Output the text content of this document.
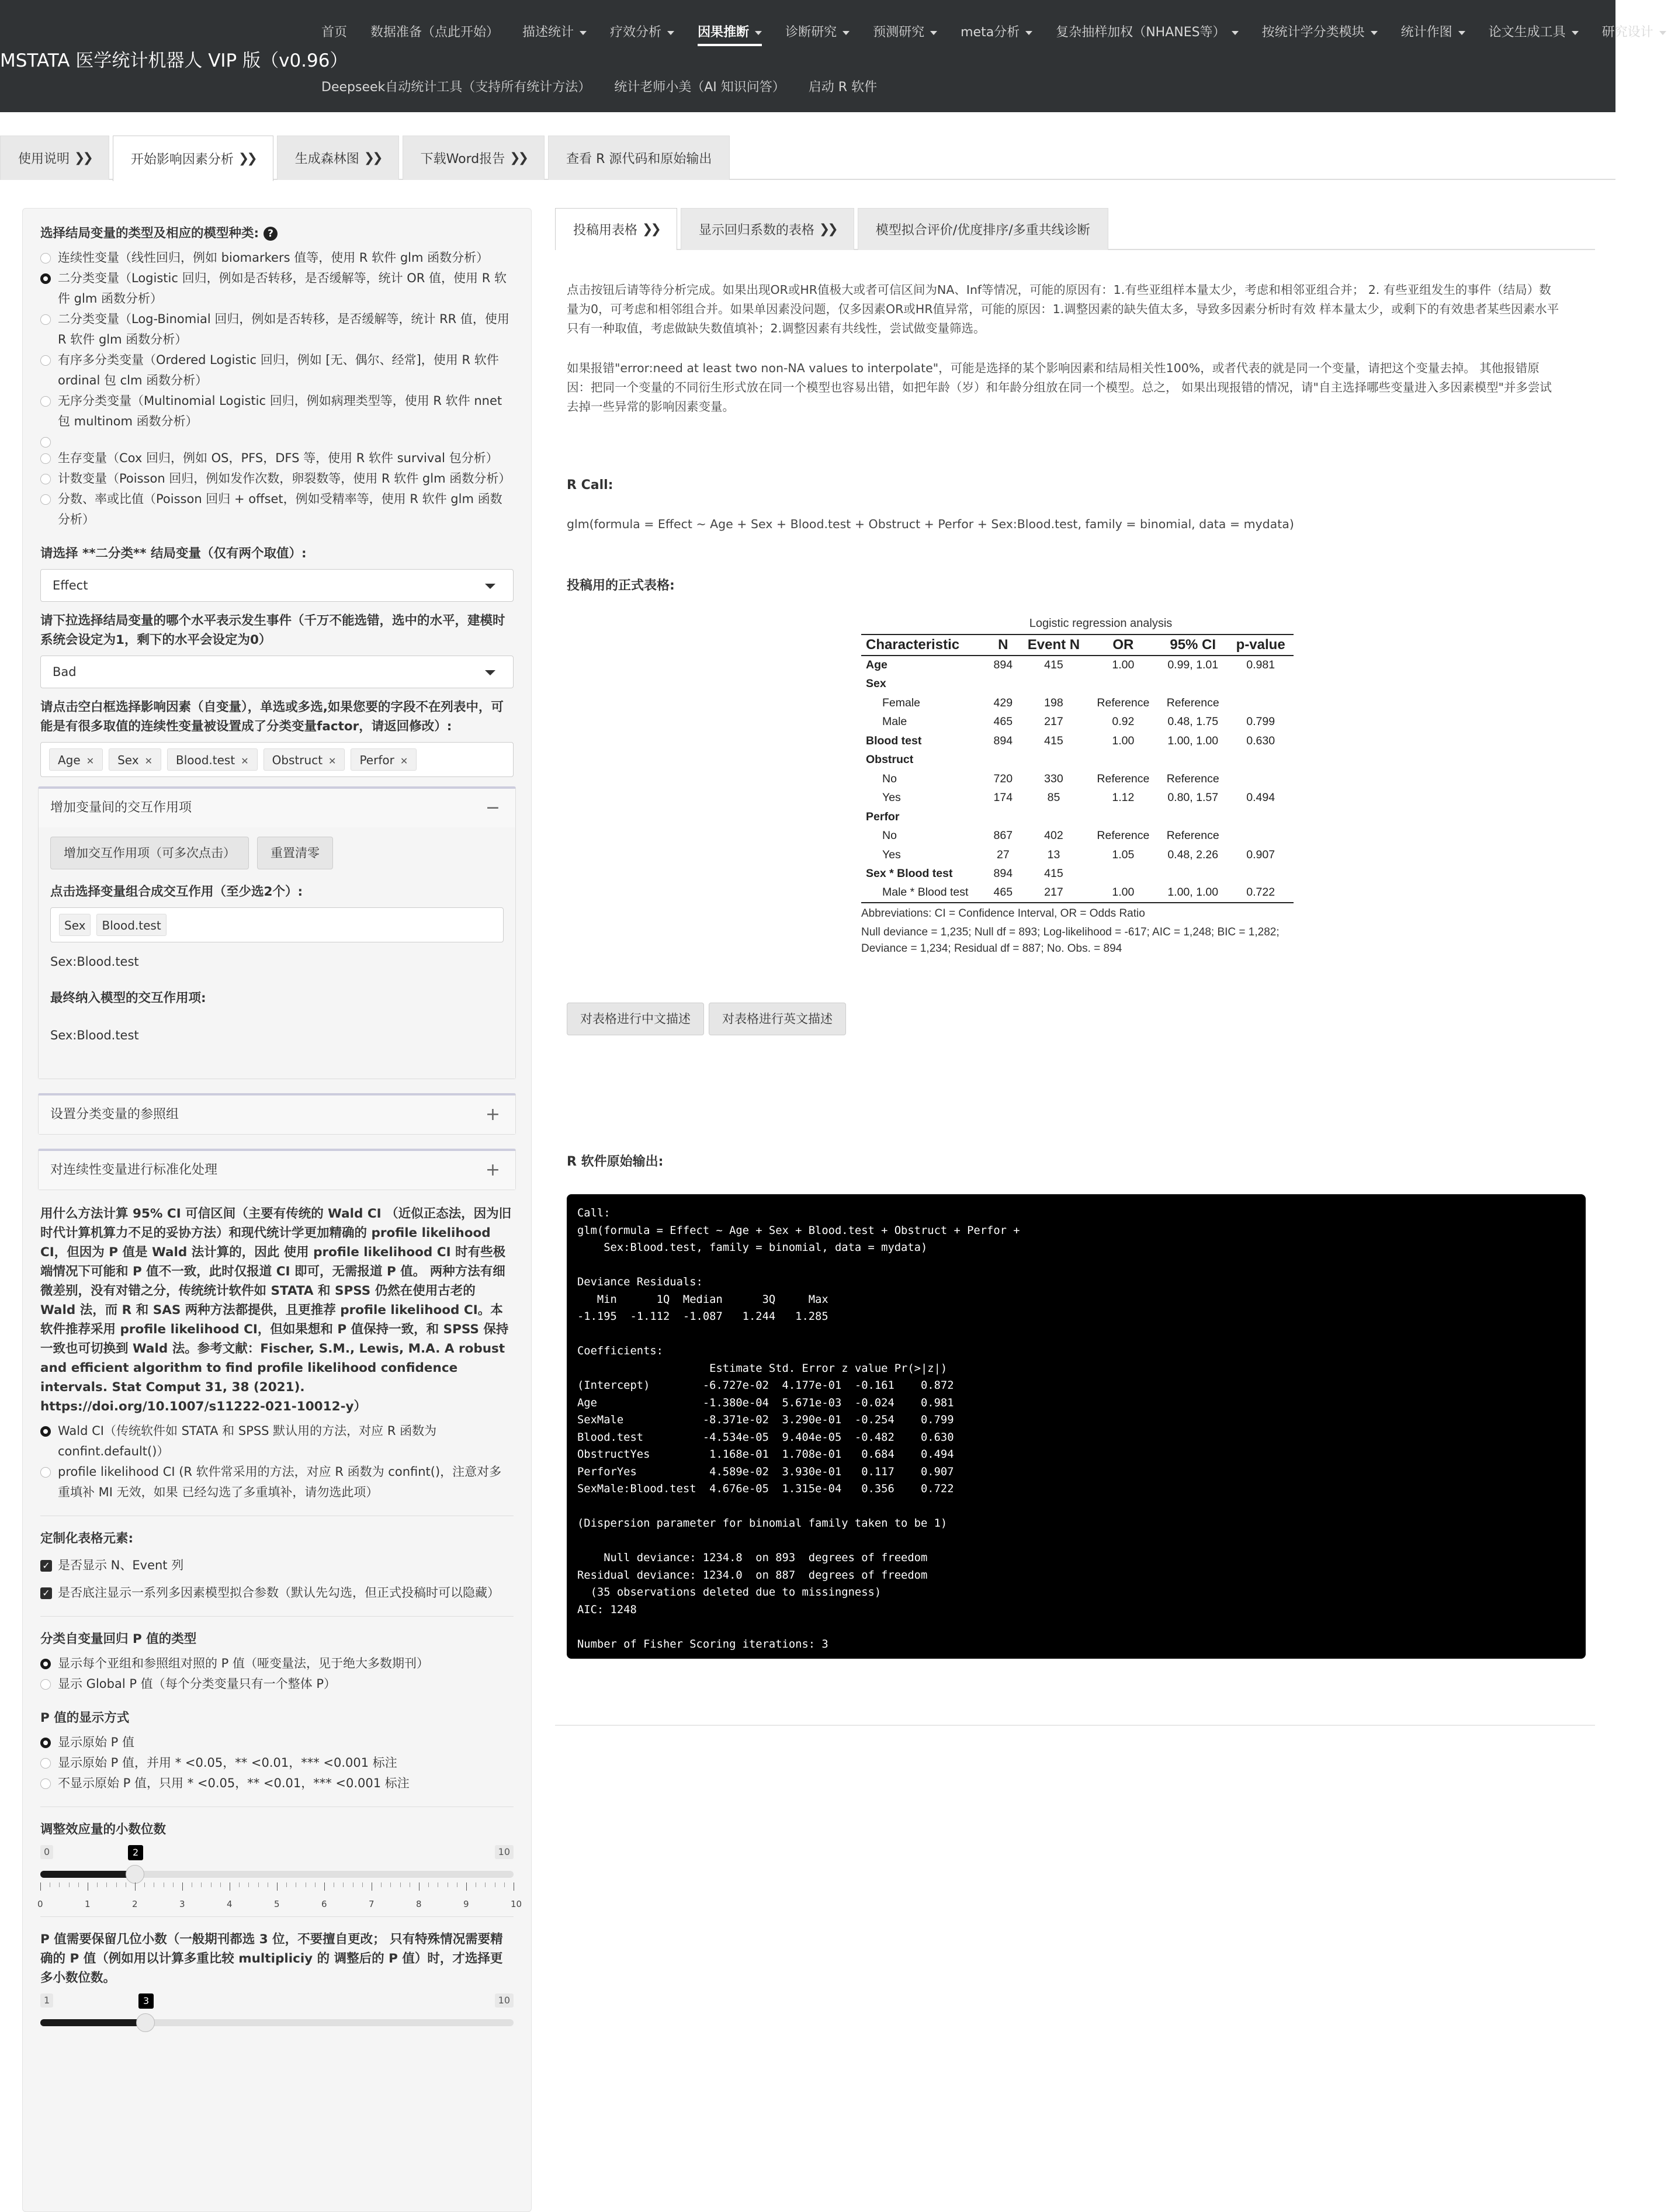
MSTATA 医学统计机器人 VIP 版（v0.96）
首页	数据准备（点此开始）	描述统计	疗效分析	因果推断	诊断研究	预测研究	meta分析	复杂抽样加权（NHANES等）	按统计学分类模块	统计作图	论文生成工具	研究设计
Deepseek自动统计工具（支持所有统计方法）	统计老师小美（AI 知识问答）	启动 R 软件
使用说明 ❯❯	开始影响因素分析 ❯❯	生成森林图 ❯❯	下载Word报告 ❯❯	查看 R 源代码和原始输出
选择结局变量的类型及相应的模型种类: ?
连续性变量（线性回归，例如 biomarkers 值等，使用 R 软件 glm 函数分析）
二分类变量（Logistic 回归，例如是否转移，是否缓解等，统计 OR 值，使用 R 软件 glm 函数分析）
二分类变量（Log-Binomial 回归，例如是否转移，是否缓解等，统计 RR 值，使用 R 软件 glm 函数分析）
有序多分类变量（Ordered Logistic 回归，例如 [无、偶尔、经常]，使用 R 软件 ordinal 包 clm 函数分析）
无序分类变量（Multinomial Logistic 回归，例如病理类型等，使用 R 软件 nnet 包 multinom 函数分析）
生存变量（Cox 回归，例如 OS，PFS，DFS 等，使用 R 软件 survival 包分析）
计数变量（Poisson 回归，例如发作次数，卵裂数等，使用 R 软件 glm 函数分析）
分数、率或比值（Poisson 回归 + offset，例如受精率等，使用 R 软件 glm 函数分析）
请选择 **二分类** 结局变量（仅有两个取值）:
Effect
请下拉选择结局变量的哪个水平表示发生事件（千万不能选错，选中的水平，建模时系统会设定为1，剩下的水平会设定为0）
Bad
请点击空白框选择影响因素（自变量），单选或多选,如果您要的字段不在列表中，可能是有很多取值的连续性变量被设置成了分类变量factor，请返回修改）:
Age ✕	Sex ✕	Blood.test ✕	Obstruct ✕	Perfor ✕
增加变量间的交互作用项	−
增加交互作用项（可多次点击）	重置清零
点击选择变量组合成交互作用（至少选2个）:
Sex	Blood.test
Sex:Blood.test
最终纳入模型的交互作用项:
Sex:Blood.test
设置分类变量的参照组	+
对连续性变量进行标准化处理	+
用什么方法计算 95% CI 可信区间（主要有传统的 Wald CI （近似正态法，因为旧时代计算机算力不足的妥协方法）和现代统计学更加精确的 profile likelihood CI，但因为 P 值是 Wald 法计算的，因此 使用 profile likelihood CI 时有些极端情况下可能和 P 值不一致，此时仅报道 CI 即可，无需报道 P 值。 两种方法有细微差别，没有对错之分，传统统计软件如 STATA 和 SPSS 仍然在使用古老的 Wald 法，而 R 和 SAS 两种方法都提供，且更推荐 profile likelihood CI。本软件推荐采用 profile likelihood CI，但如果想和 P 值保持一致，和 SPSS 保持一致也可切换到 Wald 法。参考文献：Fischer, S.M., Lewis, M.A. A robust and efficient algorithm to find profile likelihood confidence intervals. Stat Comput 31, 38 (2021). https://doi.org/10.1007/s11222-021-10012-y）
Wald CI（传统软件如 STATA 和 SPSS 默认用的方法，对应 R 函数为 confint.default()）
profile likelihood CI (R 软件常采用的方法，对应 R 函数为 confint()，注意对多重填补 MI 无效，如果 已经勾选了多重填补，请勿选此项）
定制化表格元素:
✓ 是否显示 N、Event 列
✓ 是否底注显示一系列多因素模型拟合参数（默认先勾选，但正式投稿时可以隐藏）
分类自变量回归 P 值的类型
显示每个亚组和参照组对照的 P 值（哑变量法，见于绝大多数期刊）
显示 Global P 值（每个分类变量只有一个整体 P）
P 值的显示方式
显示原始 P 值
显示原始 P 值，并用 * <0.05，** <0.01，*** <0.001 标注
不显示原始 P 值，只用 * <0.05，** <0.01，*** <0.001 标注
调整效应量的小数位数
0	10
2
0	1	2	3	4	5	6	7	8	9	10
P 值需要保留几位小数（一般期刊都选 3 位，不要擅自更改； 只有特殊情况需要精确的 P 值（例如用以计算多重比较 multipliciy 的 调整后的 P 值）时，才选择更多小数位数。
1	10
3
投稿用表格 ❯❯	显示回归系数的表格 ❯❯	模型拟合评价/优度排序/多重共线诊断
点击按钮后请等待分析完成。如果出现OR或HR值极大或者可信区间为NA、Inf等情况，可能的原因有：1.有些亚组样本量太少，考虑和相邻亚组合并； 2. 有些亚组发生的事件（结局）数量为0，可考虑和相邻组合并。如果单因素没问题，仅多因素OR或HR值异常，可能的原因：1.调整因素的缺失值太多，导致多因素分析时有效 样本量太少，或剩下的有效患者某些因素水平只有一种取值，考虑做缺失数值填补；2.调整因素有共线性，尝试做变量筛选。
如果报错"error:need at least two non-NA values to interpolate"，可能是选择的某个影响因素和结局相关性100%，或者代表的就是同一个变量，请把这个变量去掉。 其他报错原因：把同一个变量的不同衍生形式放在同一个模型也容易出错，如把年龄（岁）和年龄分组放在同一个模型。总之， 如果出现报错的情况，请"自主选择哪些变量进入多因素模型"并多尝试去掉一些异常的影响因素变量。
R Call:
glm(formula = Effect ~ Age + Sex + Blood.test + Obstruct + Perfor + Sex:Blood.test, family = binomial, data = mydata)
投稿用的正式表格:
Logistic regression analysis
Characteristic	N	Event N	OR	95% CI	p-value
Age	894	415	1.00	0.99, 1.01	0.981
Sex					
Female	429	198	Reference	Reference	
Male	465	217	0.92	0.48, 1.75	0.799
Blood test	894	415	1.00	1.00, 1.00	0.630
Obstruct					
No	720	330	Reference	Reference	
Yes	174	85	1.12	0.80, 1.57	0.494
Perfor					
No	867	402	Reference	Reference	
Yes	27	13	1.05	0.48, 2.26	0.907
Sex * Blood test	894	415			
Male * Blood test	465	217	1.00	1.00, 1.00	0.722
Abbreviations: CI = Confidence Interval, OR = Odds Ratio
Null deviance = 1,235; Null df = 893; Log-likelihood = -617; AIC = 1,248; BIC = 1,282; Deviance = 1,234; Residual df = 887; No. Obs. = 894
对表格进行中文描述	对表格进行英文描述
R 软件原始输出:
Call:
glm(formula = Effect ~ Age + Sex + Blood.test + Obstruct + Perfor +
Sex:Blood.test, family = binomial, data = mydata)

Deviance Residuals:
Min      1Q  Median      3Q     Max
-1.195  -1.112  -1.087   1.244   1.285

Coefficients:
Estimate Std. Error z value Pr(>|z|)
(Intercept)        -6.727e-02  4.177e-01  -0.161    0.872
Age                -1.380e-04  5.671e-03  -0.024    0.981
SexMale            -8.371e-02  3.290e-01  -0.254    0.799
Blood.test         -4.534e-05  9.404e-05  -0.482    0.630
ObstructYes         1.168e-01  1.708e-01   0.684    0.494
PerforYes           4.589e-02  3.930e-01   0.117    0.907
SexMale:Blood.test  4.676e-05  1.315e-04   0.356    0.722

(Dispersion parameter for binomial family taken to be 1)

Null deviance: 1234.8  on 893  degrees of freedom
Residual deviance: 1234.0  on 887  degrees of freedom
(35 observations deleted due to missingness)
AIC: 1248

Number of Fisher Scoring iterations: 3
